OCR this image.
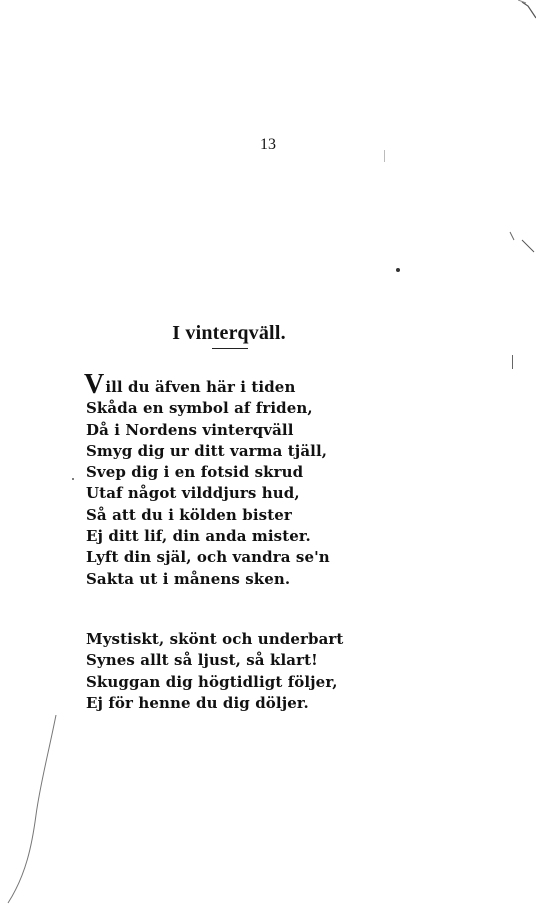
13
I vinterqväll.
Vill du äfven här i tiden
Skåda en symbol af friden,
Då i Nordens vinterqväll
Smyg dig ur ditt varma tjäll,
Svep dig i en fotsid skrud
Utaf något vilddjurs hud,
Så att du i kölden bister
Ej ditt lif, din anda mister.
Lyft din själ, och vandra se'n
Sakta ut i månens sken.
Mystiskt, skönt och underbart
Synes allt så ljust, så klart!
Skuggan dig högtidligt följer,
Ej för henne du dig döljer.
